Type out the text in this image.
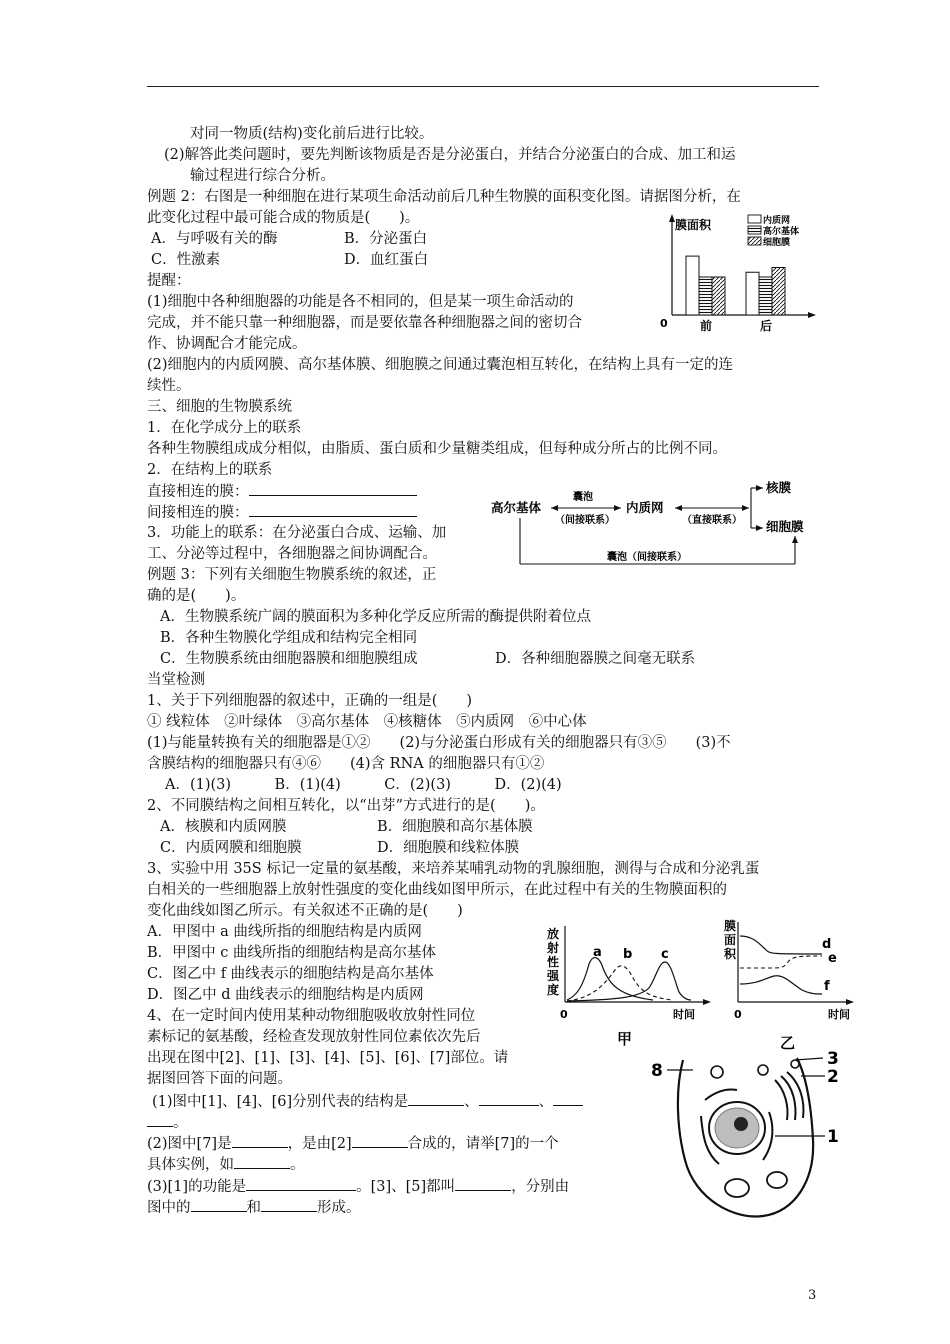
对同一物质(结构)变化前后进行比较。
(2)解答此类问题时，要先判断该物质是否是分泌蛋白，并结合分泌蛋白的合成、加工和运
输过程进行综合分析。
例题 2：右图是一种细胞在进行某项生命活动前后几种生物膜的面积变化图。请据图分析，在
此变化过程中最可能合成的物质是(　　)。
A．与呼吸有关的酶	B．分泌蛋白
C．性激素	D．血红蛋白
提醒：
(1)细胞中各种细胞器的功能是各不相同的，但是某一项生命活动的
完成，并不能只靠一种细胞器，而是要依靠各种细胞器之间的密切合
作、协调配合才能完成。
(2)细胞内的内质网膜、高尔基体膜、细胞膜之间通过囊泡相互转化，在结构上具有一定的连
续性。
三、细胞的生物膜系统
1．在化学成分上的联系
各种生物膜组成成分相似，由脂质、蛋白质和少量糖类组成，但每种成分所占的比例不同。
2．在结构上的联系
直接相连的膜：
间接相连的膜：
3．功能上的联系：在分泌蛋白合成、运输、加
工、分泌等过程中，各细胞器之间协调配合。
例题 3：下列有关细胞生物膜系统的叙述，正
确的是(　　)。
A．生物膜系统广阔的膜面积为多种化学反应所需的酶提供附着位点
B．各种生物膜化学组成和结构完全相同
C．生物膜系统由细胞器膜和细胞膜组成	D．各种细胞器膜之间毫无联系
当堂检测
1、关于下列细胞器的叙述中，正确的一组是(　　)
① 线粒体　②叶绿体　③高尔基体　④核糖体　⑤内质网　⑥中心体
(1)与能量转换有关的细胞器是①②　　(2)与分泌蛋白形成有关的细胞器只有③⑤　　(3)不
含膜结构的细胞器只有④⑥　　(4)含 RNA 的细胞器只有①②
A．(1)(3)　　　B．(1)(4)　　　C．(2)(3)　　　D．(2)(4)
2、不同膜结构之间相互转化，以“出芽”方式进行的是(　　)。
A．核膜和内质网膜	B．细胞膜和高尔基体膜
C．内质网膜和细胞膜	D．细胞膜和线粒体膜
3、实验中用 35S 标记一定量的氨基酸，来培养某哺乳动物的乳腺细胞，测得与合成和分泌乳蛋
白相关的一些细胞器上放射性强度的变化曲线如图甲所示，在此过程中有关的生物膜面积的
变化曲线如图乙所示。有关叙述不正确的是(　　)
A．甲图中 a 曲线所指的细胞结构是内质网
B．甲图中 c 曲线所指的细胞结构是高尔基体
C．图乙中 f 曲线表示的细胞结构是高尔基体
D．图乙中 d 曲线表示的细胞结构是内质网
4、在一定时间内使用某种动物细胞吸收放射性同位
素标记的氨基酸，经检查发现放射性同位素依次先后
出现在图中[2]、[1]、[3]、[4]、[5]、[6]、[7]部位。请
据图回答下面的问题。
(1)图中[1]、[4]、[6]分别代表的结构是	、	、
。
(2)图中[7]是	，是由[2]	合成的，请举[7]的一个
具体实例，如	。
(3)[1]的功能是	。[3]、[5]都叫	，分别由
图中的	和	形成。
膜面积
0	前	后
内质网
高尔基体
细胞膜
高尔基体	内质网
核膜
细胞膜
囊泡
（间接联系）	（直接联系）
囊泡（间接联系）
放
射
性
强
度
a b c
0	时间
甲
膜
面
积
d
e
f
0	时间
乙
8
3
2
1
3
